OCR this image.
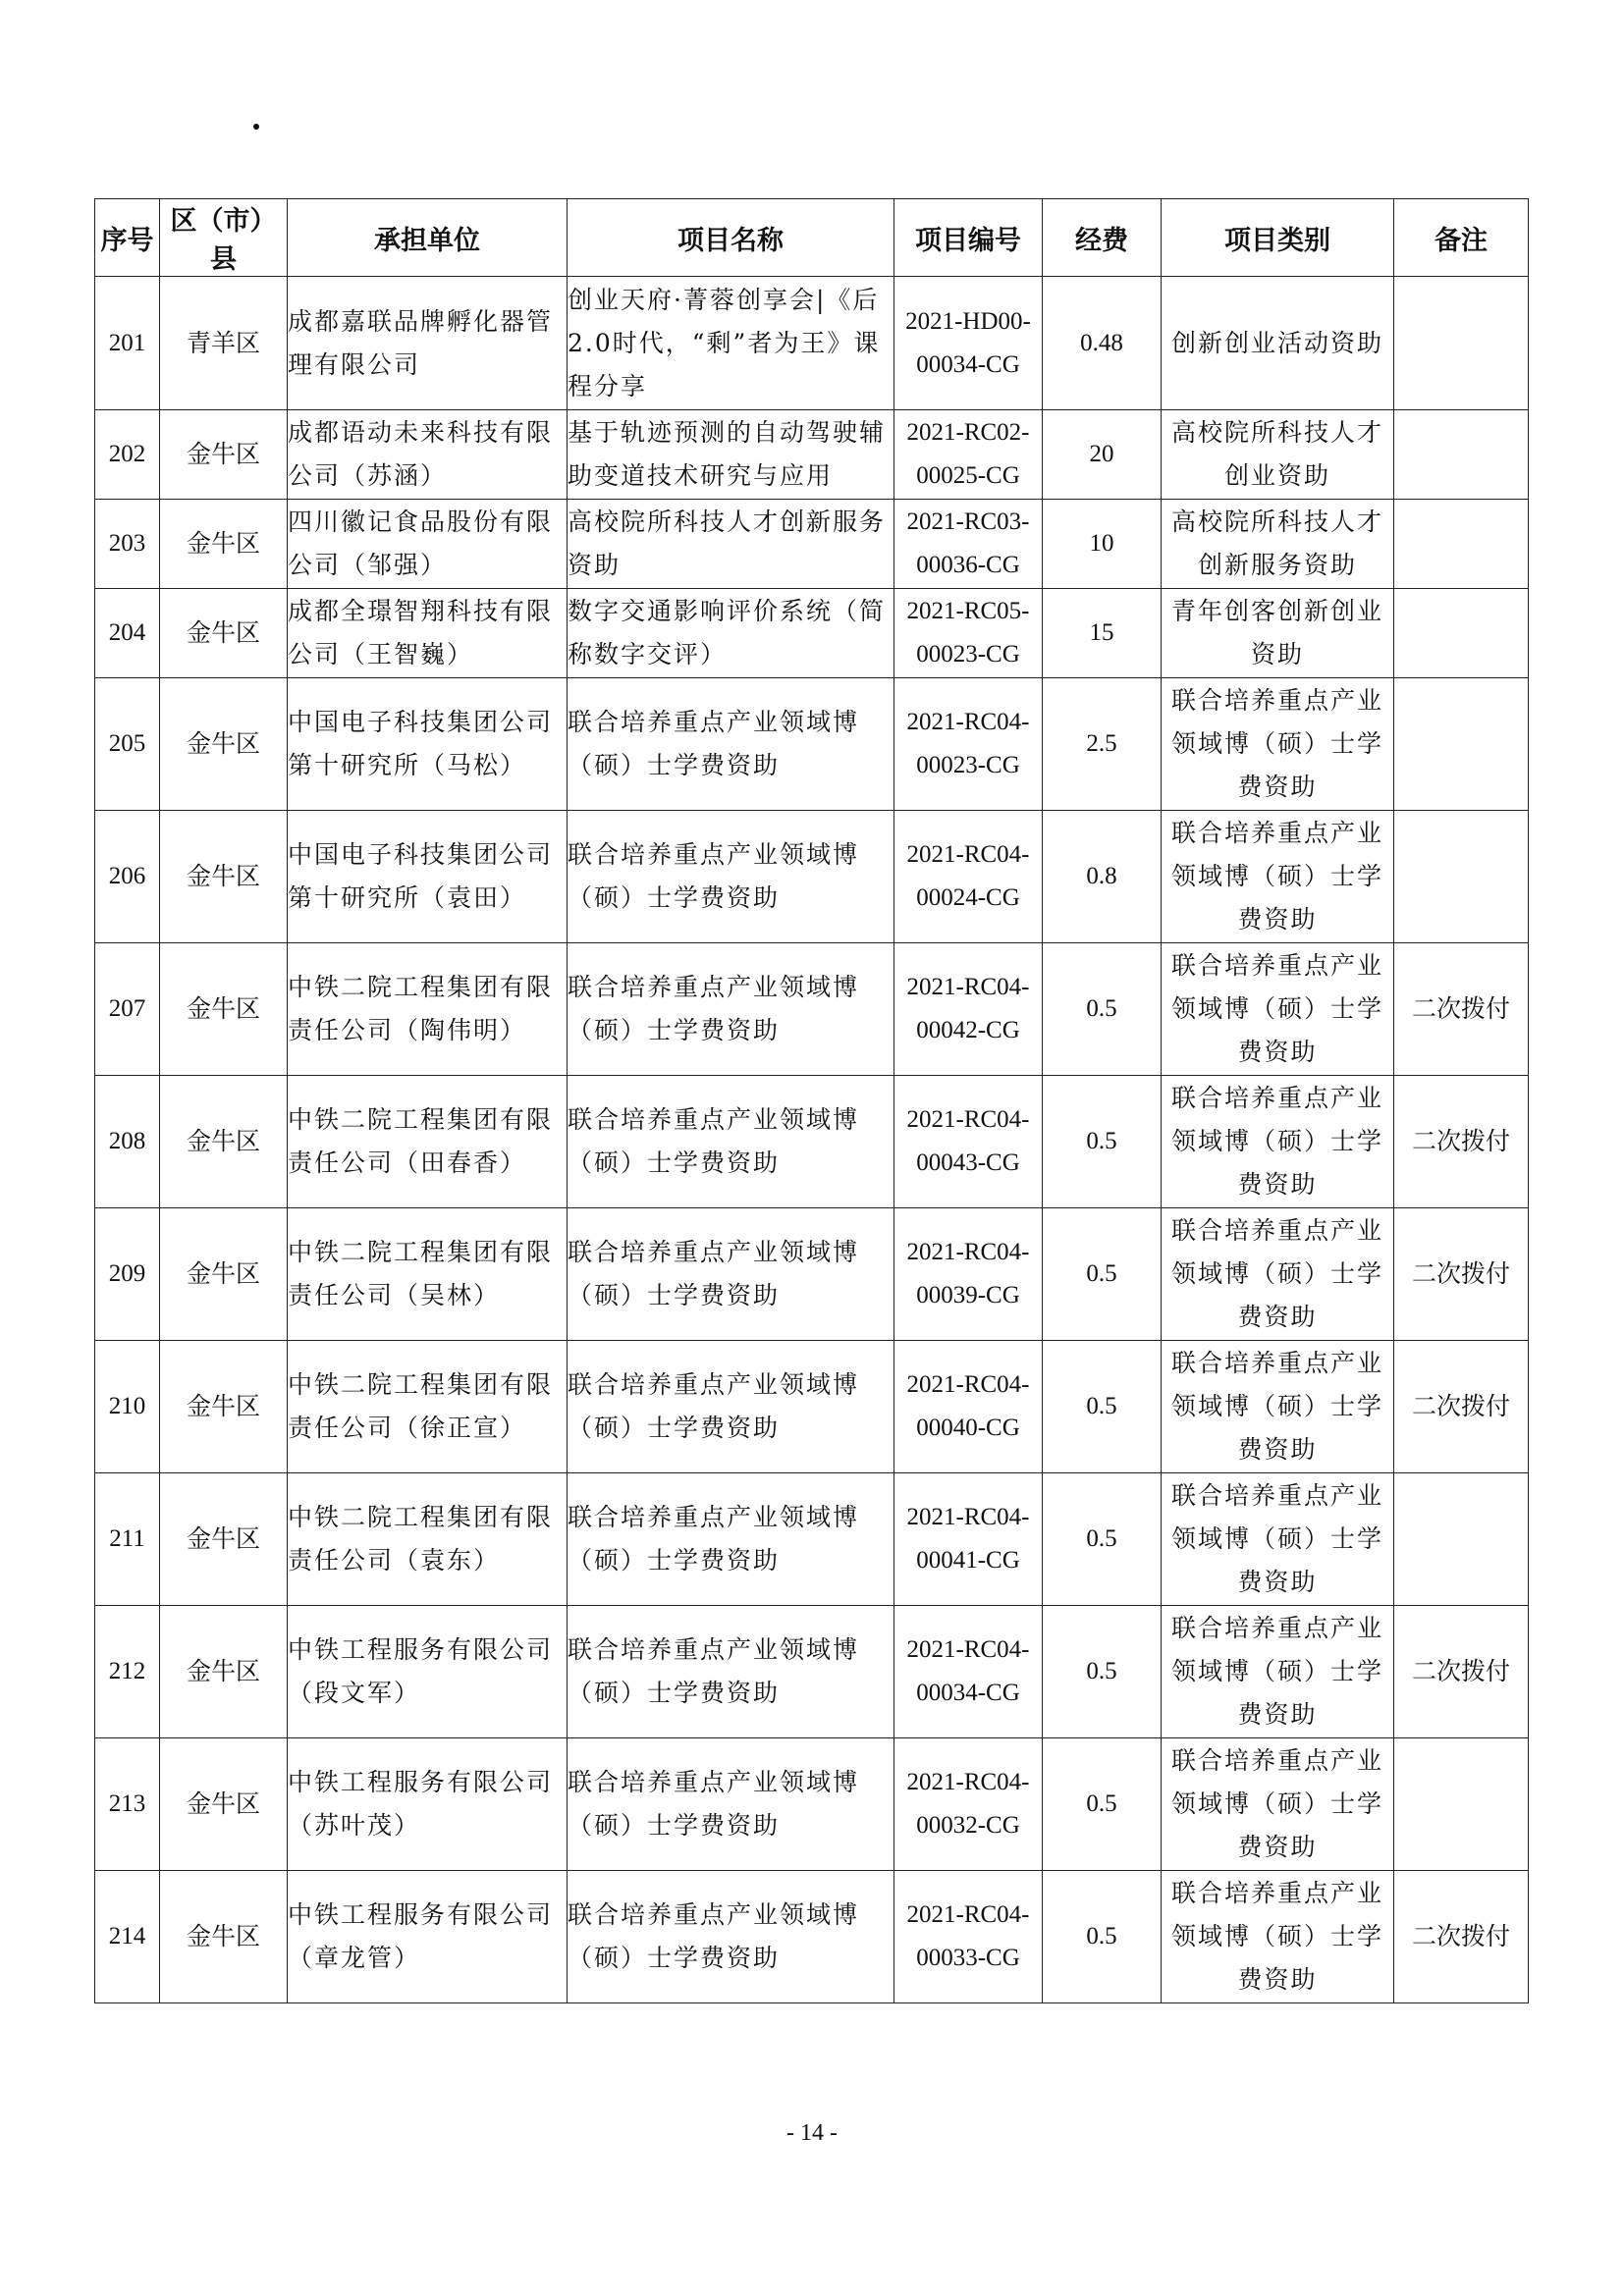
序号	区（市）县	承担单位	项目名称	项目编号	经费	项目类别	备注
201	青羊区	成都嘉联品牌孵化器管理有限公司	创业天府·菁蓉创享会|《后2.0时代，“剩”者为王》课程分享	2021-HD00-00034-CG	0.48	创新创业活动资助	
202	金牛区	成都语动未来科技有限公司（苏涵）	基于轨迹预测的自动驾驶辅助变道技术研究与应用	2021-RC02-00025-CG	20	高校院所科技人才创业资助	
203	金牛区	四川徽记食品股份有限公司（邹强）	高校院所科技人才创新服务资助	2021-RC03-00036-CG	10	高校院所科技人才创新服务资助	
204	金牛区	成都全璟智翔科技有限公司（王智巍）	数字交通影响评价系统（简称数字交评）	2021-RC05-00023-CG	15	青年创客创新创业资助	
205	金牛区	中国电子科技集团公司第十研究所（马松）	联合培养重点产业领域博（硕）士学费资助	2021-RC04-00023-CG	2.5	联合培养重点产业领域博（硕）士学费资助	
206	金牛区	中国电子科技集团公司第十研究所（袁田）	联合培养重点产业领域博（硕）士学费资助	2021-RC04-00024-CG	0.8	联合培养重点产业领域博（硕）士学费资助	
207	金牛区	中铁二院工程集团有限责任公司（陶伟明）	联合培养重点产业领域博（硕）士学费资助	2021-RC04-00042-CG	0.5	联合培养重点产业领域博（硕）士学费资助	二次拨付
208	金牛区	中铁二院工程集团有限责任公司（田春香）	联合培养重点产业领域博（硕）士学费资助	2021-RC04-00043-CG	0.5	联合培养重点产业领域博（硕）士学费资助	二次拨付
209	金牛区	中铁二院工程集团有限责任公司（吴林）	联合培养重点产业领域博（硕）士学费资助	2021-RC04-00039-CG	0.5	联合培养重点产业领域博（硕）士学费资助	二次拨付
210	金牛区	中铁二院工程集团有限责任公司（徐正宣）	联合培养重点产业领域博（硕）士学费资助	2021-RC04-00040-CG	0.5	联合培养重点产业领域博（硕）士学费资助	二次拨付
211	金牛区	中铁二院工程集团有限责任公司（袁东）	联合培养重点产业领域博（硕）士学费资助	2021-RC04-00041-CG	0.5	联合培养重点产业领域博（硕）士学费资助	
212	金牛区	中铁工程服务有限公司（段文军）	联合培养重点产业领域博（硕）士学费资助	2021-RC04-00034-CG	0.5	联合培养重点产业领域博（硕）士学费资助	二次拨付
213	金牛区	中铁工程服务有限公司（苏叶茂）	联合培养重点产业领域博（硕）士学费资助	2021-RC04-00032-CG	0.5	联合培养重点产业领域博（硕）士学费资助	
214	金牛区	中铁工程服务有限公司（章龙管）	联合培养重点产业领域博（硕）士学费资助	2021-RC04-00033-CG	0.5	联合培养重点产业领域博（硕）士学费资助	二次拨付
- 14 -
